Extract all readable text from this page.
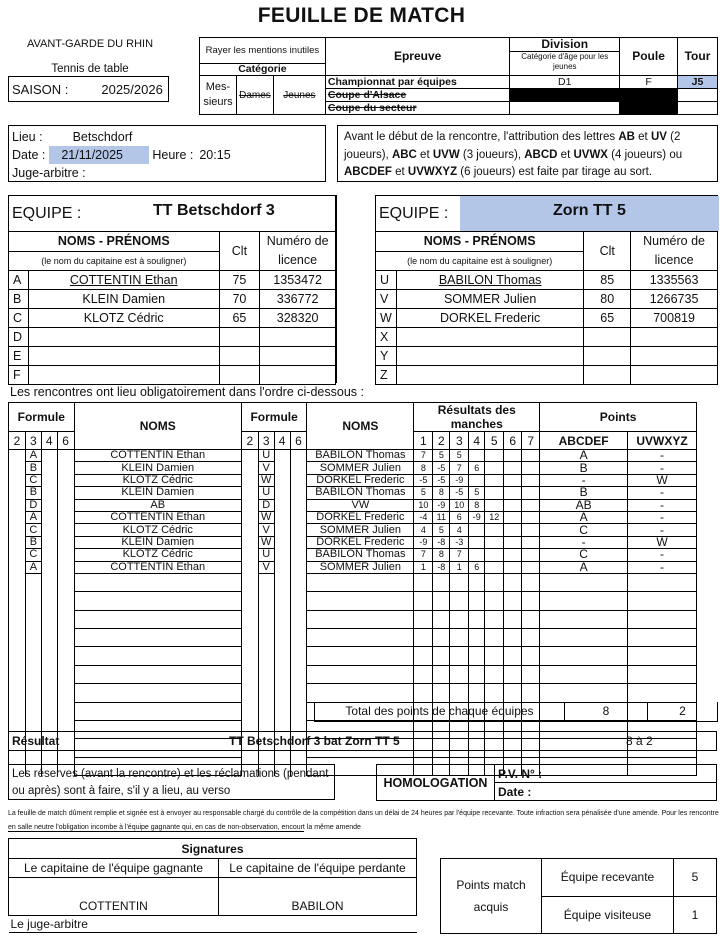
FEUILLE DE MATCH
AVANT-GARDE DU RHIN
Tennis de table
SAISON :	2025/2026
Rayer les mentions inutiles			Epreuve	Division
Catégorie d'âge pour les jeunes	Poule	Tour
Catégorie						
Mes-sieurs	Dames	Jeunes	Championnat par équipes	D1	F	J5
			Coupe d'Alsace			
			Coupe du secteur			
Lieu : Betschdorf
Date : 21/11/2025 Heure : 20:15
Juge-arbitre :
Avant le début de la rencontre, l'attribution des lettres AB et UV (2 joueurs), ABC et UVW (3 joueurs), ABCD et UVWX (4 joueurs) ou ABCDEF et UVWXYZ (6 joueurs) est faite par tirage au sort.
EQUIPE :			
NOMS - PRÉNOMS		Clt	Numéro de licence
(le nom du capitaine est à souligner)			
A	COTTENTIN Ethan	75	1353472
B	KLEIN Damien	70	336772
C	KLOTZ Cédric	65	328320
D			
E			
F			
TT Betschdorf 3	EQUIPE :		

NOMS - PRÉNOMS		Clt	Numéro de licence
(le nom du capitaine est à souligner)			
U	BABILON Thomas	85	1335563
V	SOMMER Julien	80	1266735
W	DORKEL Frederic	65	700819
X			
Y			
Z			
Zorn TT 5
Les rencontres ont lieu obligatoirement dans l'ordre ci-dessous :
Formule				NOMS	Formule				NOMS	Résultats des manches							Points	
2	3	4	6		2	3	4	6		1	2	3	4	5	6	7	ABCDEF	UVWXYZ
	A			COTTENTIN Ethan		U			BABILON Thomas	7	5	5					A	-
	B			KLEIN Damien		V			SOMMER Julien	8	-5	7	6				B	-
	C			KLOTZ Cédric		W			DORKEL Frederic	-5	-5	-9					-	W
	B			KLEIN Damien		U			BABILON Thomas	5	8	-5	5				B	-
	D			AB		D			VW	10	-9	10	8				AB	-
	A			COTTENTIN Ethan		W			DORKEL Frederic	-4	11	6	-9	12			A	-
	C			KLOTZ Cédric		V			SOMMER Julien	4	5	4					C	-
	B			KLEIN Damien		W			DORKEL Frederic	-9	-8	-3					-	W
	C			KLOTZ Cédric		U			BABILON Thomas	7	8	7					C	-
	A			COTTENTIN Ethan		V			SOMMER Julien	1	-8	1	6				A	-

Total des points de chaque équipes	8	2
Résultat	TT Betschdorf 3 bat Zorn TT 5	8 à 2
Les réserves (avant la rencontre) et les réclamations (pendant ou après) sont à faire, s'il y a lieu, au verso
HOMOLOGATION	P.V. N° :
Date :
La feuille de match dûment remplie et signée est à envoyer au responsable chargé du contrôle de la compétition dans un délai de 24 heures par l'équipe recevante. Toute infraction sera pénalisée d'une amende. Pour les rencontre en salle neutre l'obligation incombe à l'équipe gagnante qui, en cas de non-observation, encourt la même amende
Signatures	
Le capitaine de l'équipe gagnante	Le capitaine de l'équipe perdante
COTTENTIN	BABILON
Le juge-arbitre	
Points match acquis	Équipe recevante	5
	Équipe visiteuse	1
